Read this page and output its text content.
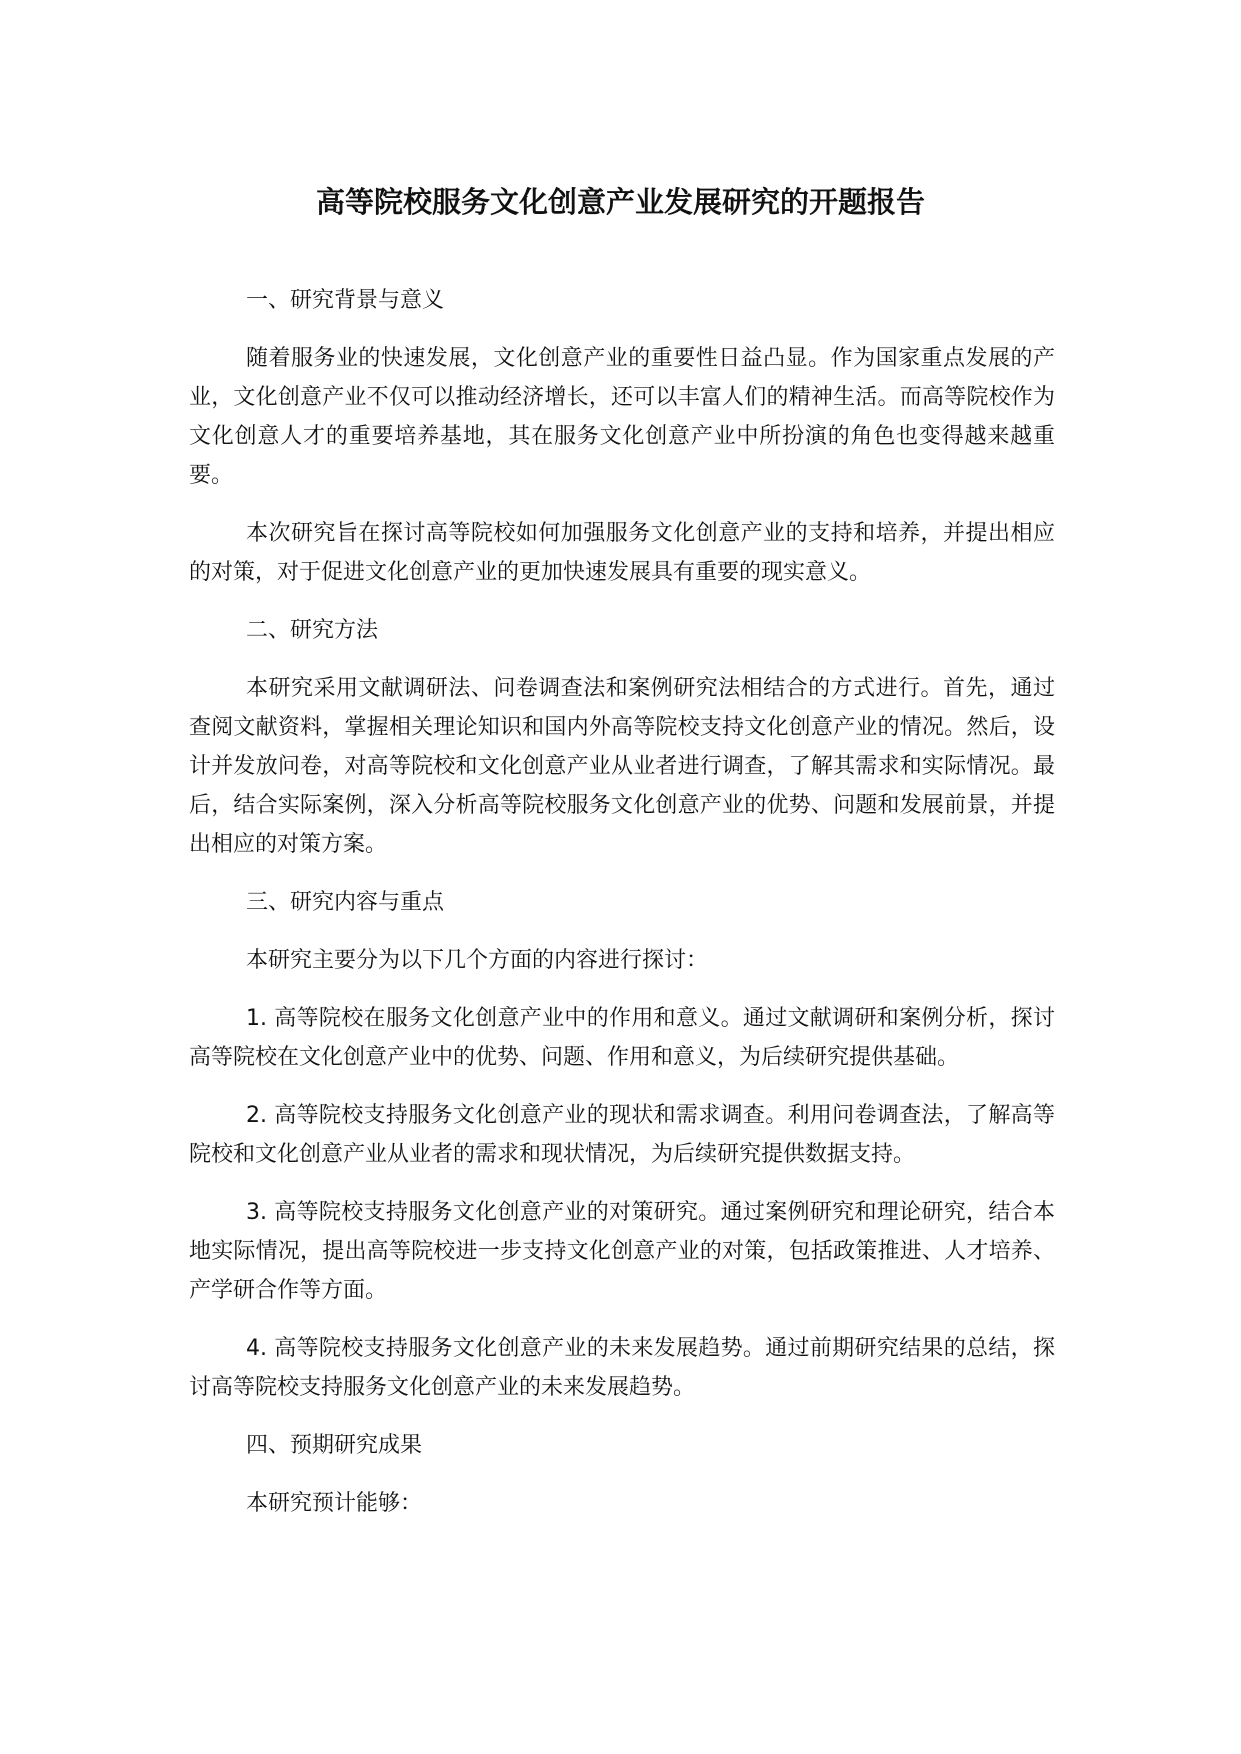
高等院校服务文化创意产业发展研究的开题报告

一、研究背景与意义

随着服务业的快速发展，文化创意产业的重要性日益凸显。作为国家重点发展的产业，文化创意产业不仅可以推动经济增长，还可以丰富人们的精神生活。而高等院校作为文化创意人才的重要培养基地，其在服务文化创意产业中所扮演的角色也变得越来越重要。

本次研究旨在探讨高等院校如何加强服务文化创意产业的支持和培养，并提出相应的对策，对于促进文化创意产业的更加快速发展具有重要的现实意义。

二、研究方法

本研究采用文献调研法、问卷调查法和案例研究法相结合的方式进行。首先，通过查阅文献资料，掌握相关理论知识和国内外高等院校支持文化创意产业的情况。然后，设计并发放问卷，对高等院校和文化创意产业从业者进行调查，了解其需求和实际情况。最后，结合实际案例，深入分析高等院校服务文化创意产业的优势、问题和发展前景，并提出相应的对策方案。

三、研究内容与重点

本研究主要分为以下几个方面的内容进行探讨：

1. 高等院校在服务文化创意产业中的作用和意义。通过文献调研和案例分析，探讨高等院校在文化创意产业中的优势、问题、作用和意义，为后续研究提供基础。

2. 高等院校支持服务文化创意产业的现状和需求调查。利用问卷调查法，了解高等院校和文化创意产业从业者的需求和现状情况，为后续研究提供数据支持。

3. 高等院校支持服务文化创意产业的对策研究。通过案例研究和理论研究，结合本地实际情况，提出高等院校进一步支持文化创意产业的对策，包括政策推进、人才培养、产学研合作等方面。

4. 高等院校支持服务文化创意产业的未来发展趋势。通过前期研究结果的总结，探讨高等院校支持服务文化创意产业的未来发展趋势。

四、预期研究成果

本研究预计能够：
